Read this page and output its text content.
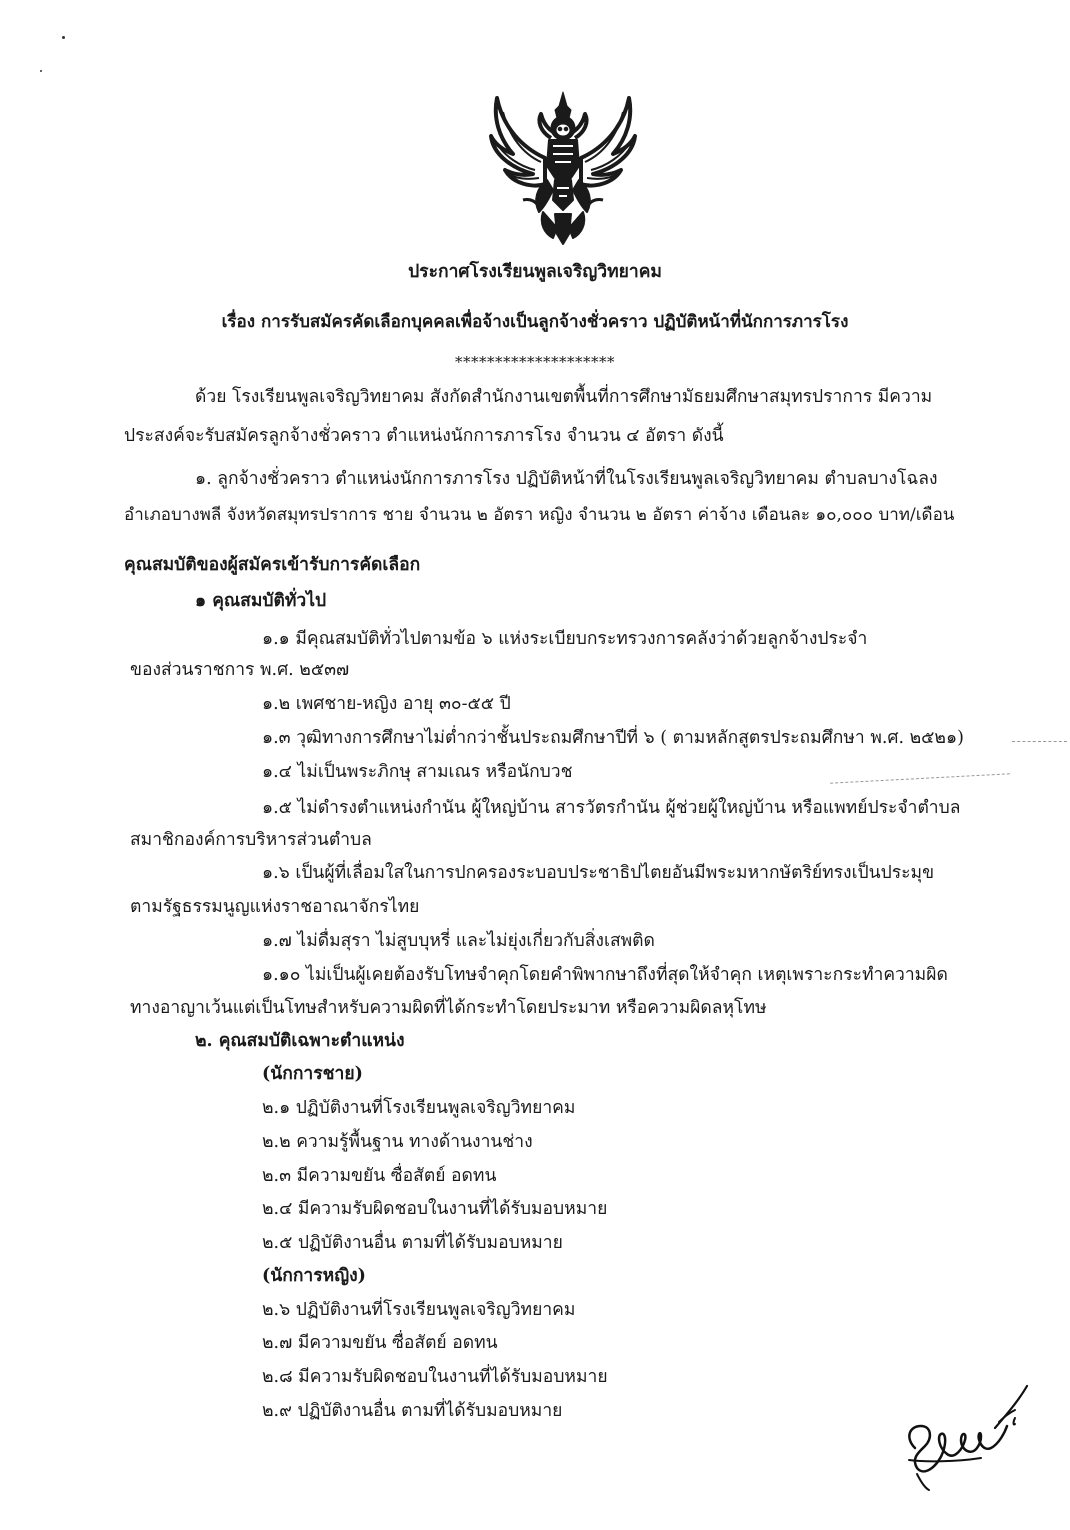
ประกาศโรงเรียนพูลเจริญวิทยาคม
เรื่อง การรับสมัครคัดเลือกบุคคลเพื่อจ้างเป็นลูกจ้างชั่วคราว ปฏิบัติหน้าที่นักการภารโรง
********************
ด้วย โรงเรียนพูลเจริญวิทยาคม สังกัดสำนักงานเขตพื้นที่การศึกษามัธยมศึกษาสมุทรปราการ มีความ
ประสงค์จะรับสมัครลูกจ้างชั่วคราว ตำแหน่งนักการภารโรง จำนวน ๔ อัตรา ดังนี้
๑. ลูกจ้างชั่วคราว ตำแหน่งนักการภารโรง ปฏิบัติหน้าที่ในโรงเรียนพูลเจริญวิทยาคม ตำบลบางโฉลง
อำเภอบางพลี จังหวัดสมุทรปราการ ชาย จำนวน ๒ อัตรา หญิง จำนวน ๒ อัตรา ค่าจ้าง เดือนละ ๑๐,๐๐๐ บาท/เดือน
คุณสมบัติของผู้สมัครเข้ารับการคัดเลือก
๑ คุณสมบัติทั่วไป
๑.๑ มีคุณสมบัติทั่วไปตามข้อ ๖ แห่งระเบียบกระทรวงการคลังว่าด้วยลูกจ้างประจำ
ของส่วนราชการ พ.ศ. ๒๕๓๗
๑.๒ เพศชาย-หญิง อายุ ๓๐-๕๕ ปี
๑.๓ วุฒิทางการศึกษาไม่ต่ำกว่าชั้นประถมศึกษาปีที่ ๖ ( ตามหลักสูตรประถมศึกษา พ.ศ. ๒๕๒๑)
๑.๔ ไม่เป็นพระภิกษุ สามเณร หรือนักบวช
๑.๕ ไม่ดำรงตำแหน่งกำนัน ผู้ใหญ่บ้าน สารวัตรกำนัน ผู้ช่วยผู้ใหญ่บ้าน หรือแพทย์ประจำตำบล
สมาชิกองค์การบริหารส่วนตำบล
๑.๖ เป็นผู้ที่เลื่อมใสในการปกครองระบอบประชาธิปไตยอันมีพระมหากษัตริย์ทรงเป็นประมุข
ตามรัฐธรรมนูญแห่งราชอาณาจักรไทย
๑.๗ ไม่ดื่มสุรา ไม่สูบบุหรี่ และไม่ยุ่งเกี่ยวกับสิ่งเสพติด
๑.๑๐ ไม่เป็นผู้เคยต้องรับโทษจำคุกโดยคำพิพากษาถึงที่สุดให้จำคุก เหตุเพราะกระทำความผิด
ทางอาญาเว้นแต่เป็นโทษสำหรับความผิดที่ได้กระทำโดยประมาท หรือความผิดลหุโทษ
๒. คุณสมบัติเฉพาะตำแหน่ง
(นักการชาย)
๒.๑ ปฏิบัติงานที่โรงเรียนพูลเจริญวิทยาคม
๒.๒ ความรู้พื้นฐาน ทางด้านงานช่าง
๒.๓ มีความขยัน ซื่อสัตย์ อดทน
๒.๔ มีความรับผิดชอบในงานที่ได้รับมอบหมาย
๒.๕ ปฏิบัติงานอื่น ตามที่ได้รับมอบหมาย
(นักการหญิง)
๒.๖ ปฏิบัติงานที่โรงเรียนพูลเจริญวิทยาคม
๒.๗ มีความขยัน ซื่อสัตย์ อดทน
๒.๘ มีความรับผิดชอบในงานที่ได้รับมอบหมาย
๒.๙ ปฏิบัติงานอื่น ตามที่ได้รับมอบหมาย
